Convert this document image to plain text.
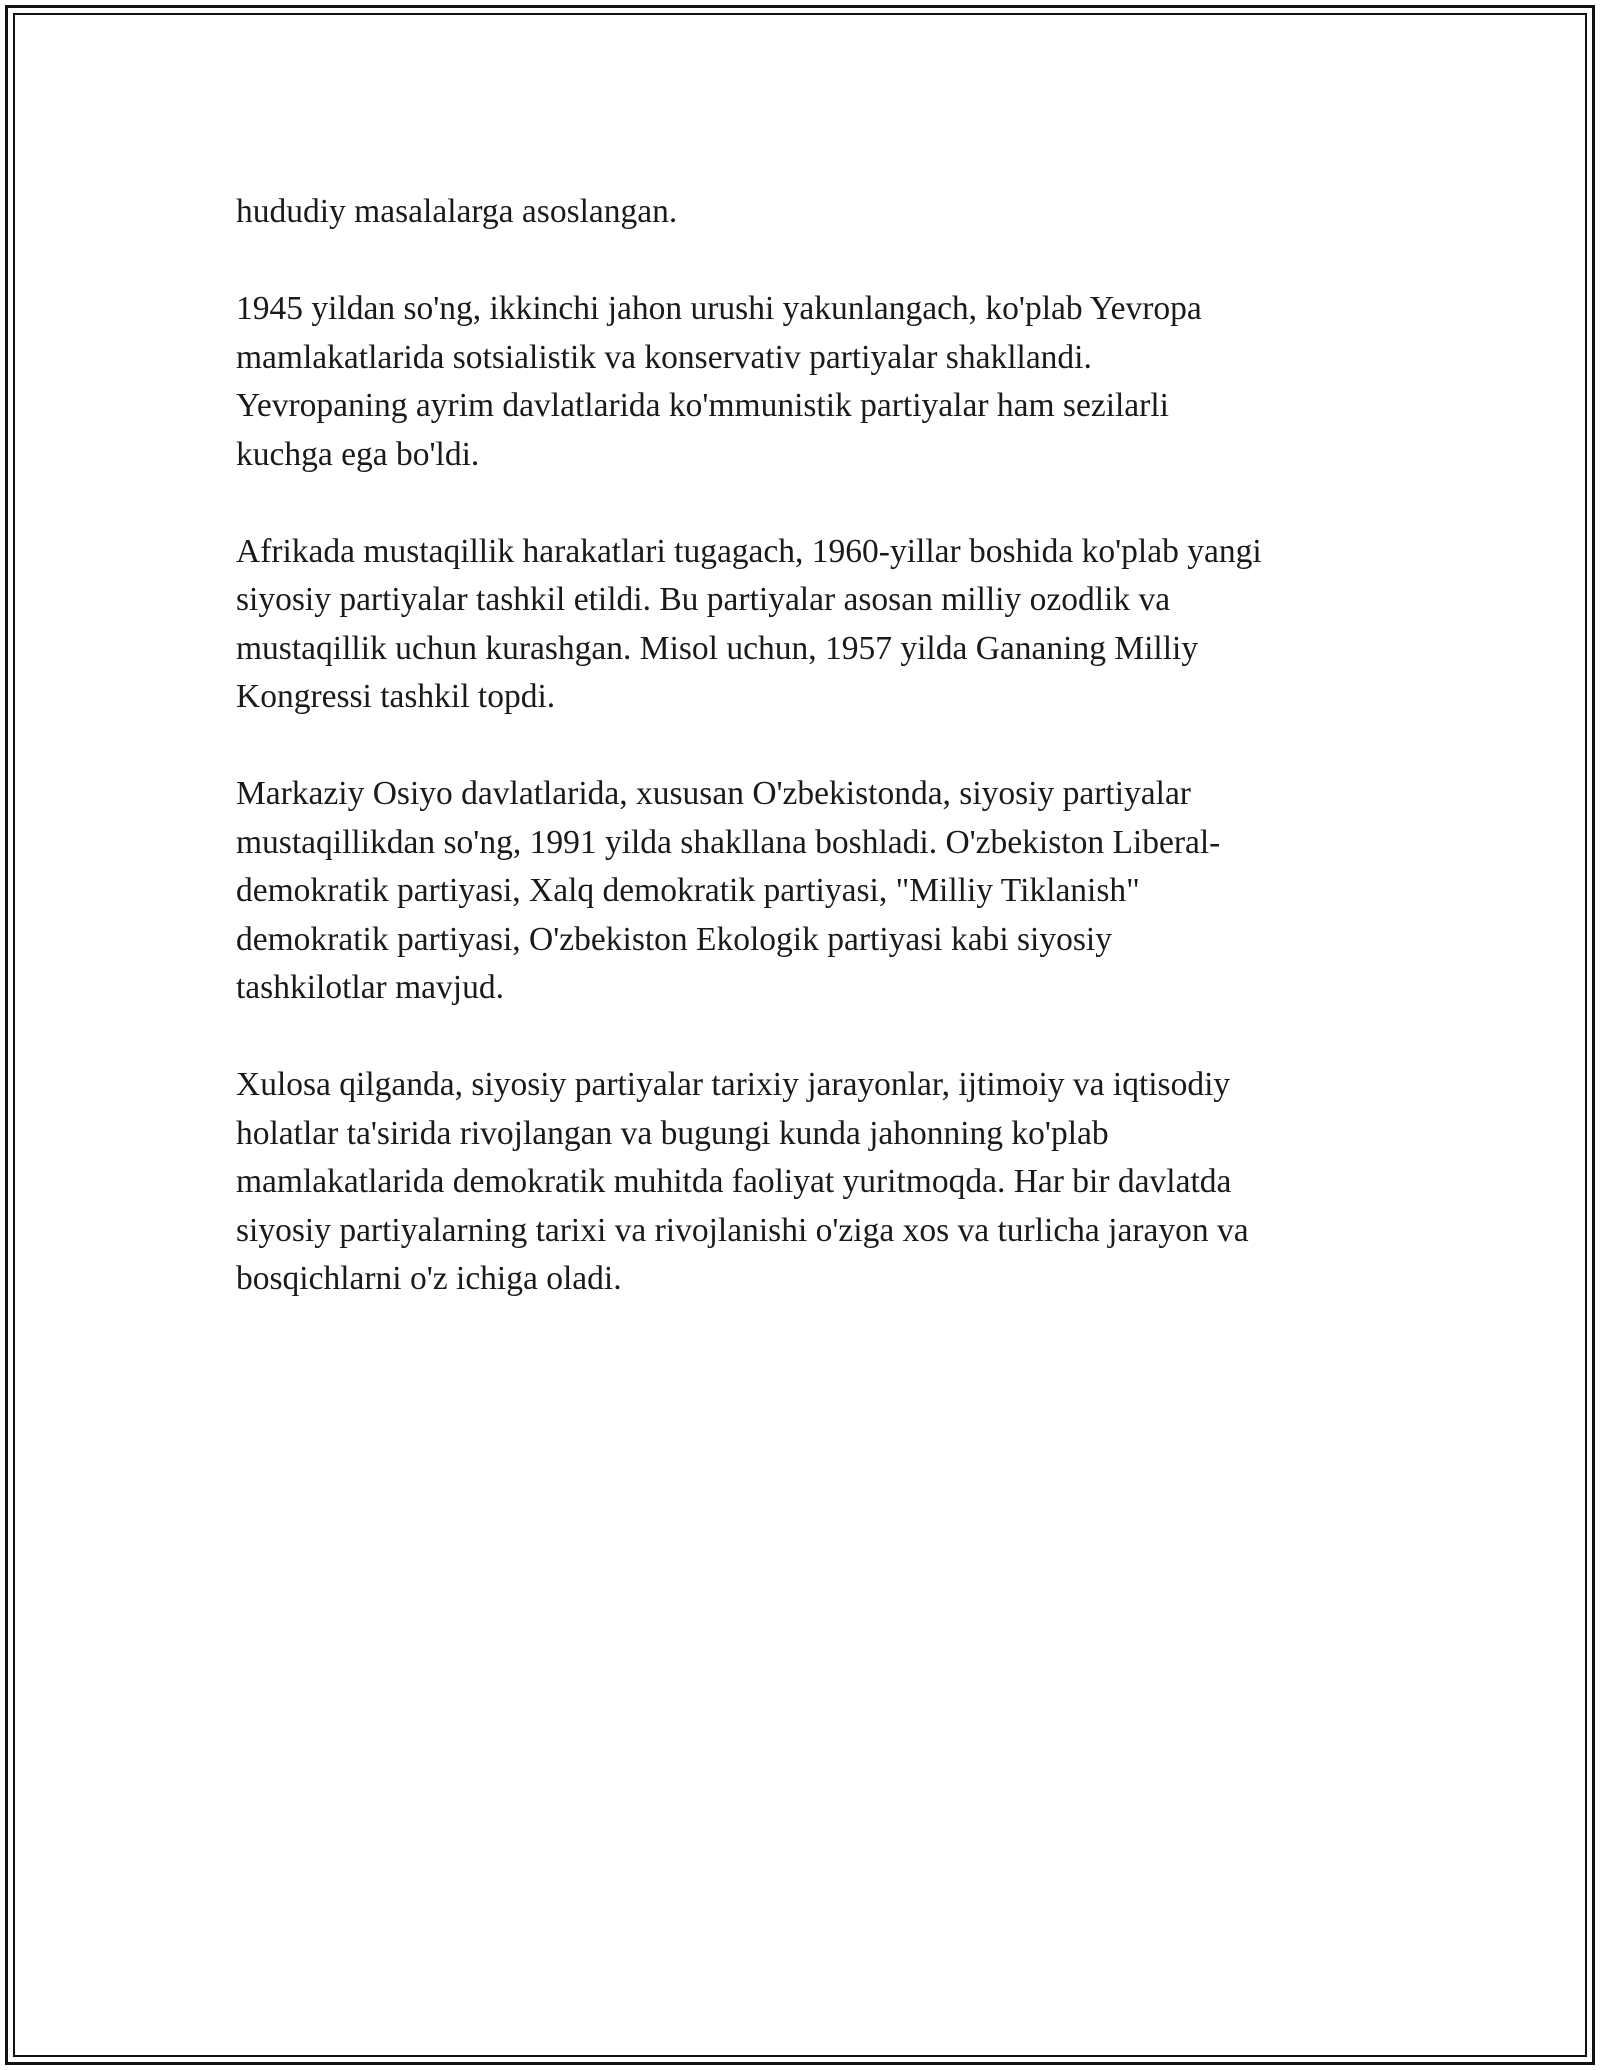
hududiy masalalarga asoslangan.

1945 yildan so'ng, ikkinchi jahon urushi yakunlangach, ko'plab Yevropa
mamlakatlarida sotsialistik va konservativ partiyalar shakllandi.
Yevropaning ayrim davlatlarida ko'mmunistik partiyalar ham sezilarli
kuchga ega bo'ldi.

Afrikada mustaqillik harakatlari tugagach, 1960-yillar boshida ko'plab yangi
siyosiy partiyalar tashkil etildi. Bu partiyalar asosan milliy ozodlik va
mustaqillik uchun kurashgan. Misol uchun, 1957 yilda Gananing Milliy
Kongressi tashkil topdi.

Markaziy Osiyo davlatlarida, xususan O'zbekistonda, siyosiy partiyalar
mustaqillikdan so'ng, 1991 yilda shakllana boshladi. O'zbekiston Liberal-
demokratik partiyasi, Xalq demokratik partiyasi, "Milliy Tiklanish"
demokratik partiyasi, O'zbekiston Ekologik partiyasi kabi siyosiy
tashkilotlar mavjud.

Xulosa qilganda, siyosiy partiyalar tarixiy jarayonlar, ijtimoiy va iqtisodiy
holatlar ta'sirida rivojlangan va bugungi kunda jahonning ko'plab
mamlakatlarida demokratik muhitda faoliyat yuritmoqda. Har bir davlatda
siyosiy partiyalarning tarixi va rivojlanishi o'ziga xos va turlicha jarayon va
bosqichlarni o'z ichiga oladi.
